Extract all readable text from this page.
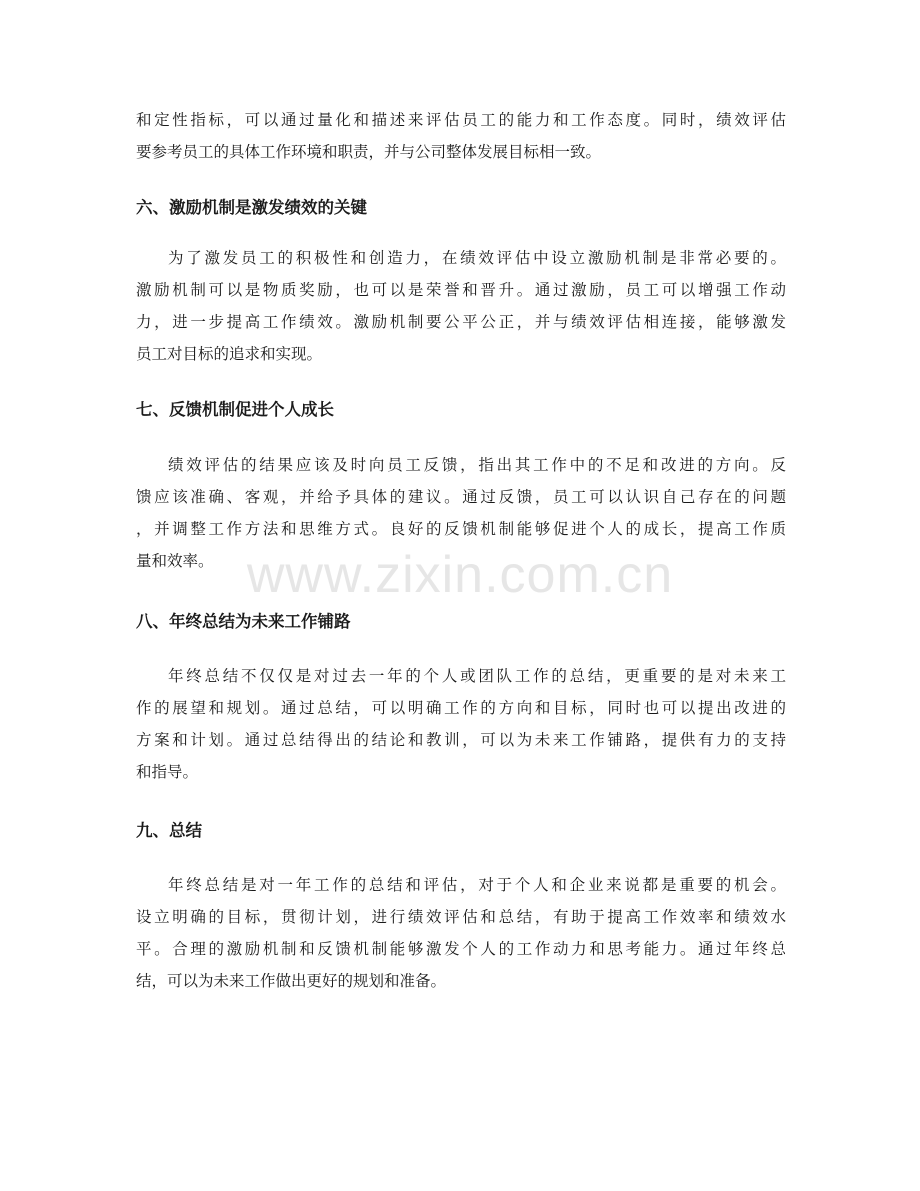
www.zixin.com.cn
和定性指标，可以通过量化和描述来评估员工的能力和工作态度。同时，绩效评估
要参考员工的具体工作环境和职责，并与公司整体发展目标相一致。
六、激励机制是激发绩效的关键
为了激发员工的积极性和创造力，在绩效评估中设立激励机制是非常必要的。
激励机制可以是物质奖励，也可以是荣誉和晋升。通过激励，员工可以增强工作动
力，进一步提高工作绩效。激励机制要公平公正，并与绩效评估相连接，能够激发
员工对目标的追求和实现。
七、反馈机制促进个人成长
绩效评估的结果应该及时向员工反馈，指出其工作中的不足和改进的方向。反
馈应该准确、客观，并给予具体的建议。通过反馈，员工可以认识自己存在的问题
，并调整工作方法和思维方式。良好的反馈机制能够促进个人的成长，提高工作质
量和效率。
八、年终总结为未来工作铺路
年终总结不仅仅是对过去一年的个人或团队工作的总结，更重要的是对未来工
作的展望和规划。通过总结，可以明确工作的方向和目标，同时也可以提出改进的
方案和计划。通过总结得出的结论和教训，可以为未来工作铺路，提供有力的支持
和指导。
九、总结
年终总结是对一年工作的总结和评估，对于个人和企业来说都是重要的机会。
设立明确的目标，贯彻计划，进行绩效评估和总结，有助于提高工作效率和绩效水
平。合理的激励机制和反馈机制能够激发个人的工作动力和思考能力。通过年终总
结，可以为未来工作做出更好的规划和准备。
